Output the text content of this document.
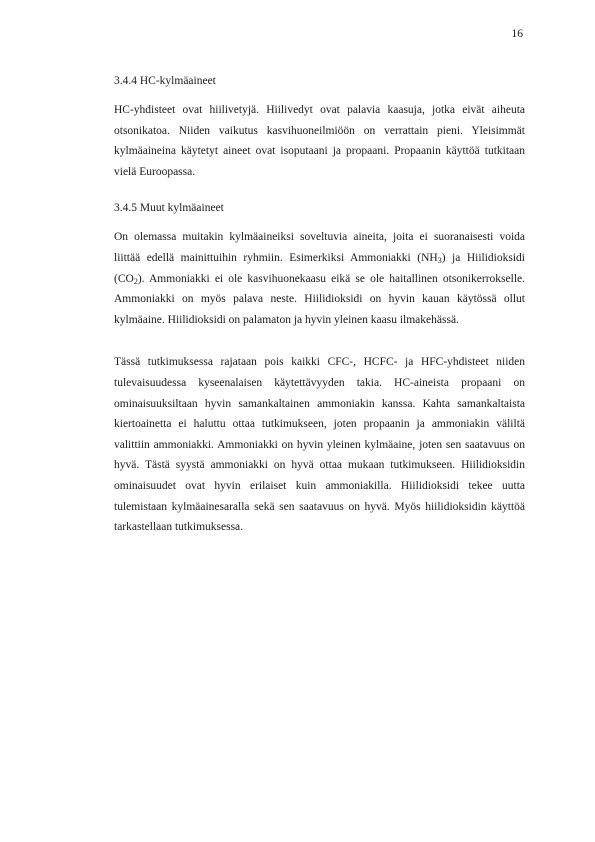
16
3.4.4 HC-kylmäaineet

HC-yhdisteet ovat hiilivetyjä. Hiilivedyt ovat palavia kaasuja, jotka eivät aiheuta otsonikatoa. Niiden vaikutus kasvihuoneilmiöön on verrattain pieni. Yleisimmät kylmäaineina käytetyt aineet ovat isoputaani ja propaani. Propaanin käyttöä tutkitaan vielä Euroopassa.

3.4.5 Muut kylmäaineet

On olemassa muitakin kylmäaineiksi soveltuvia aineita, joita ei suoranaisesti voida liittää edellä mainittuihin ryhmiin. Esimerkiksi Ammoniakki $(NH_3)$ ja Hiilidioksidi $(CO_2)$. Ammoniakki ei ole kasvihuonekaasu eikä se ole haitallinen otsonikerrokselle. Ammoniakki on myös palava neste. Hiilidioksidi on hyvin kauan käytössä ollut kylmäaine. Hiilidioksidi on palamaton ja hyvin yleinen kaasu ilmakehässä.

Tässä tutkimuksessa rajataan pois kaikki CFC-, HCFC- ja HFC-yhdisteet niiden tulevaisuudessa kyseenalaisen käytettävyyden takia. HC-aineista propaani on ominaisuuksiltaan hyvin samankaltainen ammoniakin kanssa. Kahta samankaltaista kiertoainetta ei haluttu ottaa tutkimukseen, joten propaanin ja ammoniakin väliltä valittiin ammoniakki. Ammoniakki on hyvin yleinen kylmäaine, joten sen saatavuus on hyvä. Tästä syystä ammoniakki on hyvä ottaa mukaan tutkimukseen. Hiilidioksidin ominaisuudet ovat hyvin erilaiset kuin ammoniakilla. Hiilidioksidi tekee uutta tulemistaan kylmäainesaralla sekä sen saatavuus on hyvä. Myös hiilidioksidin käyttöä tarkastellaan tutkimuksessa.
